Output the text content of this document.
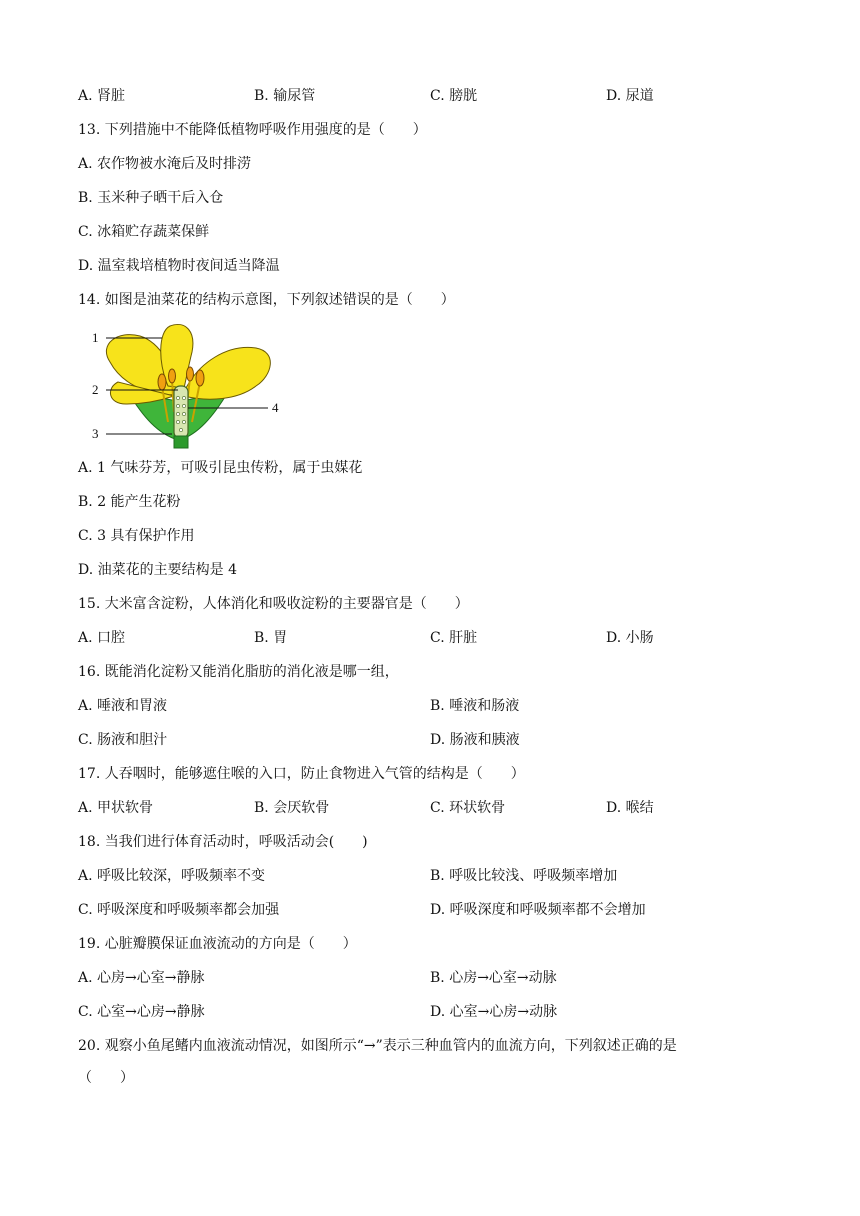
A. 肾脏	B. 输尿管	C. 膀胱	D. 尿道
13. 下列措施中不能降低植物呼吸作用强度的是（　　）
A. 农作物被水淹后及时排涝
B. 玉米种子晒干后入仓
C. 冰箱贮存蔬菜保鲜
D. 温室栽培植物时夜间适当降温
14. 如图是油菜花的结构示意图，下列叙述错误的是（　　）
1
2
3
4
A. 1 气味芬芳，可吸引昆虫传粉，属于虫媒花
B. 2 能产生花粉
C. 3 具有保护作用
D. 油菜花的主要结构是 4
15. 大米富含淀粉，人体消化和吸收淀粉的主要器官是（　　）
A. 口腔	B. 胃	C. 肝脏	D. 小肠
16. 既能消化淀粉又能消化脂肪的消化液是哪一组，
A. 唾液和胃液	B. 唾液和肠液
C. 肠液和胆汁	D. 肠液和胰液
17. 人吞咽时，能够遮住喉的入口，防止食物进入气管的结构是（　　）
A. 甲状软骨	B. 会厌软骨	C. 环状软骨	D. 喉结
18. 当我们进行体育活动时，呼吸活动会(　　)
A. 呼吸比较深，呼吸频率不变	B. 呼吸比较浅、呼吸频率增加
C. 呼吸深度和呼吸频率都会加强	D. 呼吸深度和呼吸频率都不会增加
19. 心脏瓣膜保证血液流动的方向是（　　）
A. 心房→心室→静脉	B. 心房→心室→动脉
C. 心室→心房→静脉	D. 心室→心房→动脉
20. 观察小鱼尾鳍内血液流动情况，如图所示“→”表示三种血管内的血流方向，下列叙述正确的是
（　　）
